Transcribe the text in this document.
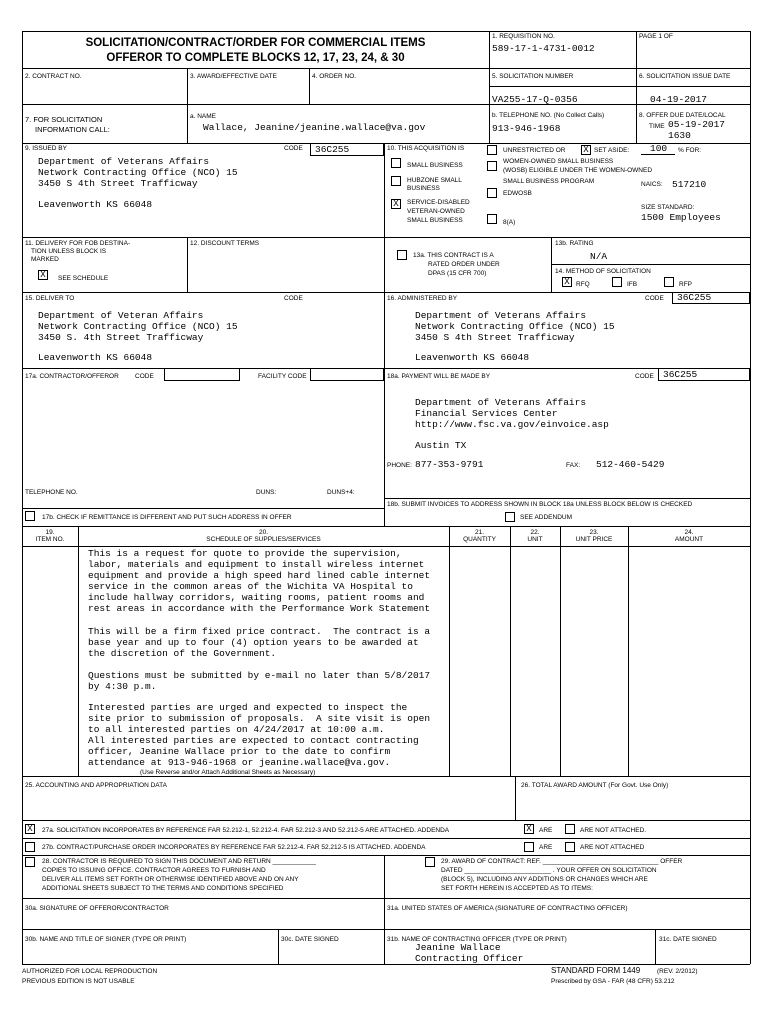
SOLICITATION/CONTRACT/ORDER FOR COMMERCIAL ITEMS
OFFEROR TO COMPLETE BLOCKS 12, 17, 23, 24, & 30
1. REQUISITION NO.
589-17-1-4731-0012
PAGE 1 OF
2. CONTRACT NO.	3. AWARD/EFFECTIVE DATE	4. ORDER NO.	5. SOLICITATION NUMBER
VA255-17-Q-0356
6. SOLICITATION ISSUE DATE
04-19-2017
7. FOR SOLICITATION
INFORMATION CALL:
a. NAME
Wallace, Jeanine/jeanine.wallace@va.gov
b. TELEPHONE NO. (No Collect Calls)
913-946-1968
8. OFFER DUE DATE/LOCAL
TIME 05-19-2017
1630
9. ISSUED BY	CODE 36C255
Department of Veterans Affairs
Network Contracting Office (NCO) 15
3450 S 4th Street Trafficway
Leavenworth KS 66048
10. THIS ACQUISITION IS	UNRESTRICTED OR X SET ASIDE: 100 % FOR:
SMALL BUSINESS
HUBZONE SMALL
BUSINESS
X	SERVICE-DISABLED
VETERAN-OWNED
SMALL BUSINESS
WOMEN-OWNED SMALL BUSINESS
(WOSB) ELIGIBLE UNDER THE WOMEN-OWNED
SMALL BUSINESS PROGRAM
EDWOSB
8(A)
NAICS: 517210
SIZE STANDARD:
1500 Employees
11. DELIVERY FOR FOB DESTINA-
TION UNLESS BLOCK IS
MARKED
X	SEE SCHEDULE
12. DISCOUNT TERMS
13a. THIS CONTRACT IS A
RATED ORDER UNDER
DPAS (15 CFR 700)
13b. RATING
N/A
14. METHOD OF SOLICITATION
X RFQ	IFB	RFP
15. DELIVER TO	CODE
Department of Veteran Affairs
Network Contracting Office (NCO) 15
3450 S. 4th Street Trafficway
Leavenworth KS 66048
16. ADMINISTERED BY	CODE 36C255
Department of Veterans Affairs
Network Contracting Office (NCO) 15
3450 S 4th Street Trafficway
Leavenworth KS 66048
17a. CONTRACTOR/OFFEROR CODE	FACILITY CODE
TELEPHONE NO.	DUNS:	DUNS+4:
17b. CHECK IF REMITTANCE IS DIFFERENT AND PUT SUCH ADDRESS IN OFFER
18a. PAYMENT WILL BE MADE BY	CODE 36C255
Department of Veterans Affairs
Financial Services Center
http://www.fsc.va.gov/einvoice.asp
Austin TX
PHONE: 877-353-9791	FAX: 512-460-5429
18b. SUBMIT INVOICES TO ADDRESS SHOWN IN BLOCK 18a UNLESS BLOCK BELOW IS CHECKED
SEE ADDENDUM
19.
ITEM NO.
20.
SCHEDULE OF SUPPLIES/SERVICES
21.
QUANTITY
22.
UNIT
23.
UNIT PRICE
24.
AMOUNT
This is a request for quote to provide the supervision,
labor, materials and equipment to install wireless internet
equipment and provide a high speed hard lined cable internet
service in the common areas of the Wichita VA Hospital to
include hallway corridors, waiting rooms, patient rooms and
rest areas in accordance with the Performance Work Statement
This will be a firm fixed price contract.  The contract is a
base year and up to four (4) option years to be awarded at
the discretion of the Government.
Questions must be submitted by e-mail no later than 5/8/2017
by 4:30 p.m.
Interested parties are urged and expected to inspect the
site prior to submission of proposals.  A site visit is open
to all interested parties on 4/24/2017 at 10:00 a.m.
All interested parties are expected to contact contracting
officer, Jeanine Wallace prior to the date to confirm
attendance at 913-946-1968 or jeanine.wallace@va.gov.
(Use Reverse and/or Attach Additional Sheets as Necessary)
25. ACCOUNTING AND APPROPRIATION DATA	26. TOTAL AWARD AMOUNT (For Govt. Use Only)
X	27a. SOLICITATION INCORPORATES BY REFERENCE FAR 52.212-1, 52.212-4. FAR 52.212-3 AND 52.212-5 ARE ATTACHED. ADDENDA	X	ARE	ARE NOT ATTACHED.
27b. CONTRACT/PURCHASE ORDER INCORPORATES BY REFERENCE FAR 52.212-4. FAR 52.212-5 IS ATTACHED. ADDENDA	ARE	ARE NOT ATTACHED
28. CONTRACTOR IS REQUIRED TO SIGN THIS DOCUMENT AND RETURN ____________
COPIES TO ISSUING OFFICE. CONTRACTOR AGREES TO FURNISH AND
DELIVER ALL ITEMS SET FORTH OR OTHERWISE IDENTIFIED ABOVE AND ON ANY
ADDITIONAL SHEETS SUBJECT TO THE TERMS AND CONDITIONS SPECIFIED
29. AWARD OF CONTRACT: REF. ________________________________ OFFER
DATED ________________________ . YOUR OFFER ON SOLICITATION
(BLOCK 5), INCLUDING ANY ADDITIONS OR CHANGES WHICH ARE
SET FORTH HEREIN IS ACCEPTED AS TO ITEMS:
30a. SIGNATURE OF OFFEROR/CONTRACTOR	31a. UNITED STATES OF AMERICA (SIGNATURE OF CONTRACTING OFFICER)
30b. NAME AND TITLE OF SIGNER (TYPE OR PRINT)	30c. DATE SIGNED	31b. NAME OF CONTRACTING OFFICER (TYPE OR PRINT)
Jeanine Wallace
Contracting Officer
31c. DATE SIGNED
AUTHORIZED FOR LOCAL REPRODUCTION
PREVIOUS EDITION IS NOT USABLE
STANDARD FORM 1449	(REV. 2/2012)
Prescribed by GSA - FAR (48 CFR) 53.212
